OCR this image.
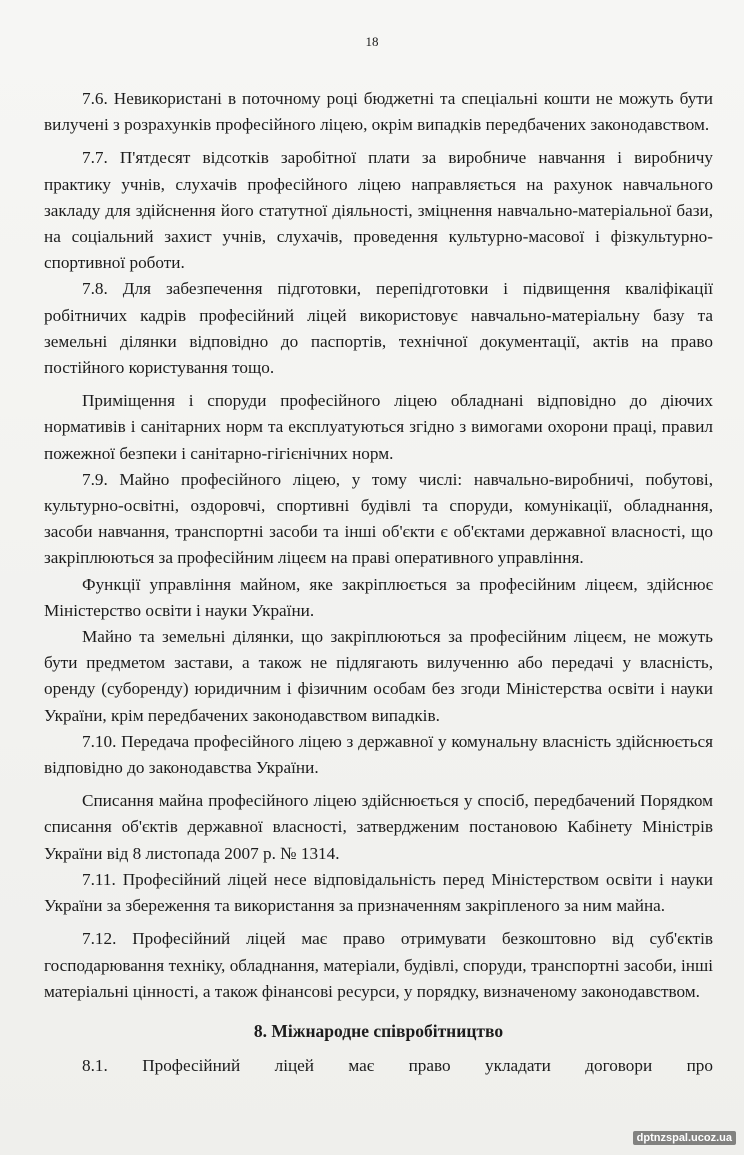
18

7.6. Невикористані в поточному році бюджетні та спеціальні кошти не можуть бути вилучені з розрахунків професійного ліцею, окрім випадків передбачених законодавством.

7.7. П'ятдесят відсотків заробітної плати за виробниче навчання і виробничу практику учнів, слухачів професійного ліцею направляється на рахунок навчального закладу для здійснення його статутної діяльності, зміцнення навчально-матеріальної бази, на соціальний захист учнів, слухачів, проведення культурно-масової і фізкультурно-спортивної роботи.

7.8. Для забезпечення підготовки, перепідготовки і підвищення кваліфікації робітничих кадрів професійний ліцей використовує навчально-матеріальну базу та земельні ділянки відповідно до паспортів, технічної документації, актів на право постійного користування тощо.

Приміщення і споруди професійного ліцею обладнані відповідно до діючих нормативів і санітарних норм та експлуатуються згідно з вимогами охорони праці, правил пожежної безпеки і санітарно-гігієнічних норм.

7.9. Майно професійного ліцею, у тому числі: навчально-виробничі, побутові, культурно-освітні, оздоровчі, спортивні будівлі та споруди, комунікації, обладнання, засоби навчання, транспортні засоби та інші об'єкти є об'єктами державної власності, що закріплюються за професійним ліцеєм на праві оперативного управління.

Функції управління майном, яке закріплюється за професійним ліцеєм, здійснює Міністерство освіти і науки України.

Майно та земельні ділянки, що закріплюються за професійним ліцеєм, не можуть бути предметом застави, а також не підлягають вилученню або передачі у власність, оренду (суборенду) юридичним і фізичним особам без згоди Міністерства освіти і науки України, крім передбачених законодавством випадків.

7.10. Передача професійного ліцею з державної у комунальну власність здійснюється відповідно до законодавства України.

Списання майна професійного ліцею здійснюється у спосіб, передбачений Порядком списання об'єктів державної власності, затвердженим постановою Кабінету Міністрів України від 8 листопада 2007 р. № 1314.

7.11. Професійний ліцей несе відповідальність перед Міністерством освіти і науки України за збереження та використання за призначенням закріпленого за ним майна.

7.12. Професійний ліцей має право отримувати безкоштовно від суб'єктів господарювання техніку, обладнання, матеріали, будівлі, споруди, транспортні засоби, інші матеріальні цінності, а також фінансові ресурси, у порядку, визначеному законодавством.

8. Міжнародне співробітництво

8.1. Професійний ліцей має право укладати договори про

dptnzspal.ucoz.ua
